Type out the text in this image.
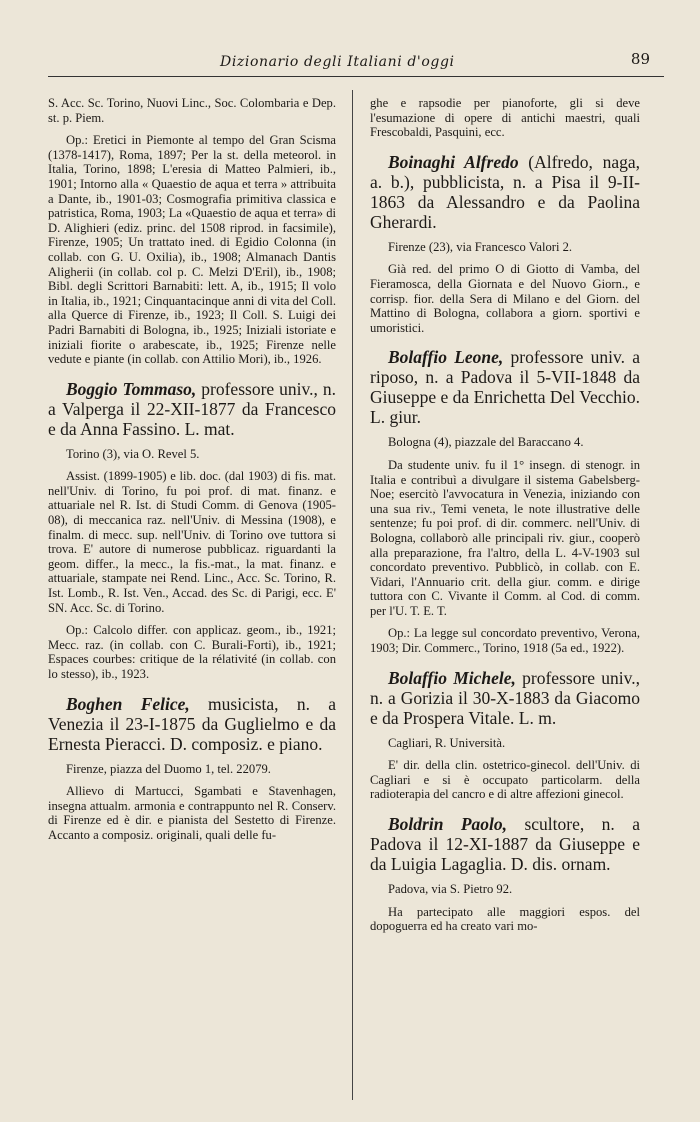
Dizionario degli Italiani d'oggi	89

S. Acc. Sc. Torino, Nuovi Linc., Soc. Colombaria e Dep. st. p. Piem.

Op.: Eretici in Piemonte al tempo del Gran Scisma (1378-1417), Roma, 1897; Per la st. della meteorol. in Italia, Torino, 1898; L'eresia di Matteo Palmieri, ib., 1901; Intorno alla « Quaestio de aqua et terra » attribuita a Dante, ib., 1901-03; Cosmografia primitiva classica e patristica, Roma, 1903; La «Quaestio de aqua et terra» di D. Alighieri (ediz. princ. del 1508 riprod. in facsimile), Firenze, 1905; Un trattato ined. di Egidio Colonna (in collab. con G. U. Oxilia), ib., 1908; Almanach Dantis Aligherii (in collab. col p. C. Melzi D'Eril), ib., 1908; Bibl. degli Scrittori Barnabiti: lett. A, ib., 1915; Il volo in Italia, ib., 1921; Cinquantacinque anni di vita del Coll. alla Querce di Firenze, ib., 1923; Il Coll. S. Luigi dei Padri Barnabiti di Bologna, ib., 1925; Iniziali istoriate e iniziali fiorite o arabescate, ib., 1925; Firenze nelle vedute e piante (in collab. con Attilio Mori), ib., 1926.

Boggio Tommaso, professore univ., n. a Valperga il 22-XII-1877 da Francesco e da Anna Fassino. L. mat.

Torino (3), via O. Revel 5.

Assist. (1899-1905) e lib. doc. (dal 1903) di fis. mat. nell'Univ. di Torino, fu poi prof. di mat. finanz. e attuariale nel R. Ist. di Studi Comm. di Genova (1905-08), di meccanica raz. nell'Univ. di Messina (1908), e finalm. di mecc. sup. nell'Univ. di Torino ove tuttora si trova. E' autore di numerose pubblicaz. riguardanti la geom. differ., la mecc., la fis.-mat., la mat. finanz. e attuariale, stampate nei Rend. Linc., Acc. Sc. Torino, R. Ist. Lomb., R. Ist. Ven., Accad. des Sc. di Parigi, ecc. E' SN. Acc. Sc. di Torino.

Op.: Calcolo differ. con applicaz. geom., ib., 1921; Mecc. raz. (in collab. con C. Burali-Forti), ib., 1921; Espaces courbes: critique de la rélativité (in collab. con lo stesso), ib., 1923.

Boghen Felice, musicista, n. a Venezia il 23-I-1875 da Guglielmo e da Ernesta Pieracci. D. composiz. e piano.

Firenze, piazza del Duomo 1, tel. 22079.

Allievo di Martucci, Sgambati e Stavenhagen, insegna attualm. armonia e contrappunto nel R. Conserv. di Firenze ed è dir. e pianista del Sestetto di Firenze. Accanto a composiz. originali, quali delle fu-

ghe e rapsodie per pianoforte, gli si deve l'esumazione di opere di antichi maestri, quali Frescobaldi, Pasquini, ecc.

Boinaghi Alfredo (Alfredo, naga, a. b.), pubblicista, n. a Pisa il 9-II-1863 da Alessandro e da Paolina Gherardi.

Firenze (23), via Francesco Valori 2.

Già red. del primo O di Giotto di Vamba, del Fieramosca, della Giornata e del Nuovo Giorn., e corrisp. fior. della Sera di Milano e del Giorn. del Mattino di Bologna, collabora a giorn. sportivi e umoristici.

Bolaffio Leone, professore univ. a riposo, n. a Padova il 5-VII-1848 da Giuseppe e da Enrichetta Del Vecchio. L. giur.

Bologna (4), piazzale del Baraccano 4.

Da studente univ. fu il 1° insegn. di stenogr. in Italia e contribuì a divulgare il sistema Gabelsberg-Noe; esercitò l'avvocatura in Venezia, iniziando con una sua riv., Temi veneta, le note illustrative delle sentenze; fu poi prof. di dir. commerc. nell'Univ. di Bologna, collaborò alle principali riv. giur., cooperò alla preparazione, fra l'altro, della L. 4-V-1903 sul concordato preventivo. Pubblicò, in collab. con E. Vidari, l'Annuario crit. della giur. comm. e dirige tuttora con C. Vivante il Comm. al Cod. di comm. per l'U. T. E. T.

Op.: La legge sul concordato preventivo, Verona, 1903; Dir. Commerc., Torino, 1918 (5a ed., 1922).

Bolaffio Michele, professore univ., n. a Gorizia il 30-X-1883 da Giacomo e da Prospera Vitale. L. m.

Cagliari, R. Università.

E' dir. della clin. ostetrico-ginecol. dell'Univ. di Cagliari e si è occupato particolarm. della radioterapia del cancro e di altre affezioni ginecol.

Boldrin Paolo, scultore, n. a Padova il 12-XI-1887 da Giuseppe e da Luigia Lagaglia. D. dis. ornam.

Padova, via S. Pietro 92.

Ha partecipato alle maggiori espos. del dopoguerra ed ha creato vari mo-
